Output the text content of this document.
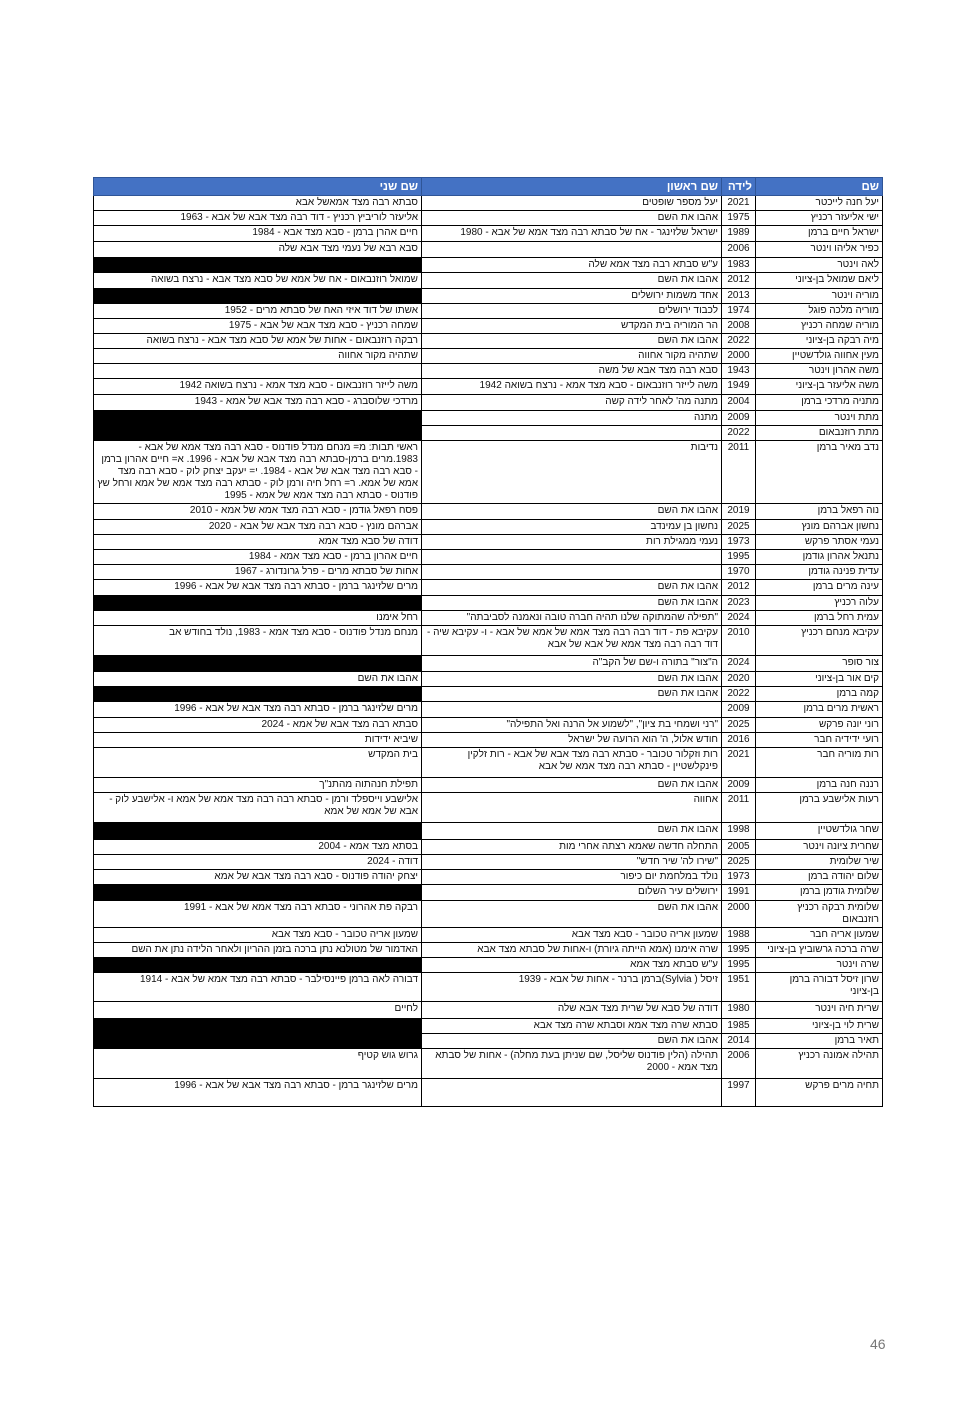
שם	לידה	שם ראשון	שם שני
יעל חנה לייכטר	2021	יעל מספר שופטים	סבתא רבה מצד אמאשל אבא
ישי אליעזר רכניץ	1975	אהבו את השם	אליעזר לוריביץ רכניץ - דוד רבה מצד אבא של אבא - 1963
ישראל חיים ברמן	1989	ישראל שלזינגר - אח של סבתא רבה מצד אמא של אבא - 1980	חיים אהרן ברמן - סבא מצד אבא - 1984
כפיר אליהו וינטר	2006		סבא רבא של נעמי מצד אבא שלה
לאה וינטר	1983	ע"ש סבתא רבה מצד אמא שלה	
ליאם שמואל בן-ציוני	2012	אהבו את השם	שמואל רוזנבאום - אח של אמא של סבא מצד אבא - נרצח בשואה
מוריה וינטר	2013	אחד משמות ירושלים	
מוריה מלכה פוגל	1974	לכבוד ירושלים	אשתו של דוד איזי האח של סבתא מרים - 1952
מוריה שמחה רכניץ	2008	הר המוריה בית המקדש	שמחה רכניץ - סבא מצד אבא של אבא - 1975
מיה רבקה בן-ציוני	2022	אהבו את השם	רבקה רוזנבאום - אחות של אמא של סבא מצד אבא - נרצח בשואה
מעין אחווה גולדשטיין	2000	שתהיה מקור אחווה	שתהיה מקור אחווה
משה אהרון וינטר	1943	סבא רבה מצד אבא של משה	
משה אליעזר בן-ציוני	1949	משה לייזר רוזנבאום - סבא מצד אמא - נרצח בשואה 1942	משה לייזר רוזנבאום - סבא מצד אמא - נרצח בשואה 1942
מתניה מרדכי ברמן	2004	מתנה מה' לאחר לידה קשה	מרדכי שלוסברג - סבא רבה מצד אבא של אמא - 1943
מתת וינטר	2009	מתנה	
מתת רוזנבאום	2022		
נדב מאיר ברמן	2011	נדיבות	ראשי תבות: מ= מנחם מנדל פודנוס - סבא רבה מצד אמא של אבא - 1983.מרים ברמן-סבתא רבה מצד אבא של אבא - 1996. א= חיים אהרון ברמן - סבא רבה מצד אבא של אבא - 1984. י= יעקב יצחק לוק - סבא רבה מצד אמא של אמא. ר= רחל חיה ורמן לוק - סבתא רבה מצד אמא של אמא ורחל שץ פודנוס - סבתא רבה מצד אמא של אמא - 1995
נוה רפאל ברמן	2019	אהבו את השם	פסח רפאל גודמן - סבא רבה מצד אמא של אמא - 2010
נחשון אברהם מונץ	2025	נחשון בן עמינדב	אברהם מונץ - סבא רבה מצד אבא של אבא - 2020
נעמי אסתר פרקש	1973	נעמי ממגילת רות	דודה של סבא מצד אמא
נתנאל אהרון גודמן	1995		חיים אהרון ברמן - סבא מצד אמא - 1984
עדית פנינה גודמן	1970		אחות של סבתא מרים - פרל גרונדורג - 1967
עינה מרים ברמן	2012	אהבו את השם	מרים שלזינגר ברמן - סבתא רבה מצד אבא של אבא - 1996
עלוה רכניץ	2023	אהבו את השם	
עמית רחל ברמן	2024	"תפילה שהמתוקה שלנו תהיה חברה טובה ונאמנה לסביבתה"	רחל אימנו
עקיבא מנחם רכניץ	2010	עקיבא פת - דוד רבה רבה מצד אמא של אמא של אבא - ו- עקיבא שיה - דוד רבה רבה מצד אמא של אבא של אבא	מנחם מנדל פודנוס - סבא מצד אמא - 1983, נולד בחודש אב
צור סופר	2024	ה"צור" בתורה ו-שם של הקב"ה	
קים אור בן-ציוני	2020	אהבו את השם	אהבו את השם
קמה ברמן	2022	אהבו את השם	
ראשית מרים ברמן	2009		מרים שלזינגר ברמן - סבתא רבה מצד אבא של אבא - 1996
רוני יונה פרקש	2025	"רני ושמחי בת ציון", "לשמוע אל הרנה ואל התפילה"	סבתא רבה מצד אבא של אמא - 2024
רועי ידידיה חבר	2016	חודש אלול, ה' הוא הרועה של ישראל	שיביא ידידות
רות מוריה חבר	2021	רות וזקלור טכובר - סבתא רבה מצד אבא של אבא - רות זלקין פינקלשטיין - סבתא רבה מצד אמא של אבא	בית המקדש
רננה חנה ברמן	2009	אהבו את השם	תפילת חנהתוה מהתנ"ך
רעות אלישבע ברמן	2011	אחווה	אלישבע וייספלד ורמן - סבתא רבה רבה מצד אמא של אמא ו- אלישבע לוק - אבא של אמא של אמא
שחר גולדשטיין	1998	אהבו את השם	
שחרית ציונה וינטר	2005	התחלה חדשה שאמא רצתה אחרי מות	בסתא מצד אמא - 2004
שיר שלומית	2025	"שירו לה' שיר חדש"	דודה - 2024
שלום יהודה ברמן	1973	נולד במלחמת יום כיפור	יצחק יהודה פודנוס - סבא רבה מצד אבא של אמא
שלומית גודמן ברמן	1991	ירושלים עיר השלום	
שלומית רבקה רכניץ רוזנבאום	2000	אהבו את השם	רבקה פת אהרוני - סבתא רבה מצד אמא של אבא - 1991
שמעון אריה חבר	1988	שמעון אריה טכובר - סבא מצד אבא	שמעון אריה טכובר - סבא מצד אבא
שרה ברכה גרשוביץ בן-ציוני	1995	שרה אימנו (אמא הייתה גיורת) ו-אחות של סבתא מצד אבא	האדמור של מטולנא נתן ברכה בזמן ההריון ולאחר הלידה נתן את השם
שרה וינטר	1995	ע"ש סבתא מצד אמא	
שרון זיסל דבורה ברמן בן-ציוני	1951	זיסל ( Sylvia)ברמן ברנר - אחות של אבא - 1939	דבורה לאה ברמן פיינסילבר - סבתא רבה מצד אמא של אבא - 1914
שרית חיה וינטר	1980	דודה של סבא של שרית מצד אבא שלה	לחיים
שרית לוי בן-ציוני	1985	סבתא שרה מצד אמא וסבתא שרה מצד אבא	
תאיר ברמן	2014	אהבו את השם	
תהילה אמונה רכניץ	2006	תהילה (הלין פודנוס שליסל, שם שניתן בעת מחלה) - אחות של סבתא מצד אמא - 2000	גרוש גוש קטיף
תחיה מרים פרקש	1997		מרים שלזינגר ברמן - סבתא רבה מצד אבא של אבא - 1996
46
